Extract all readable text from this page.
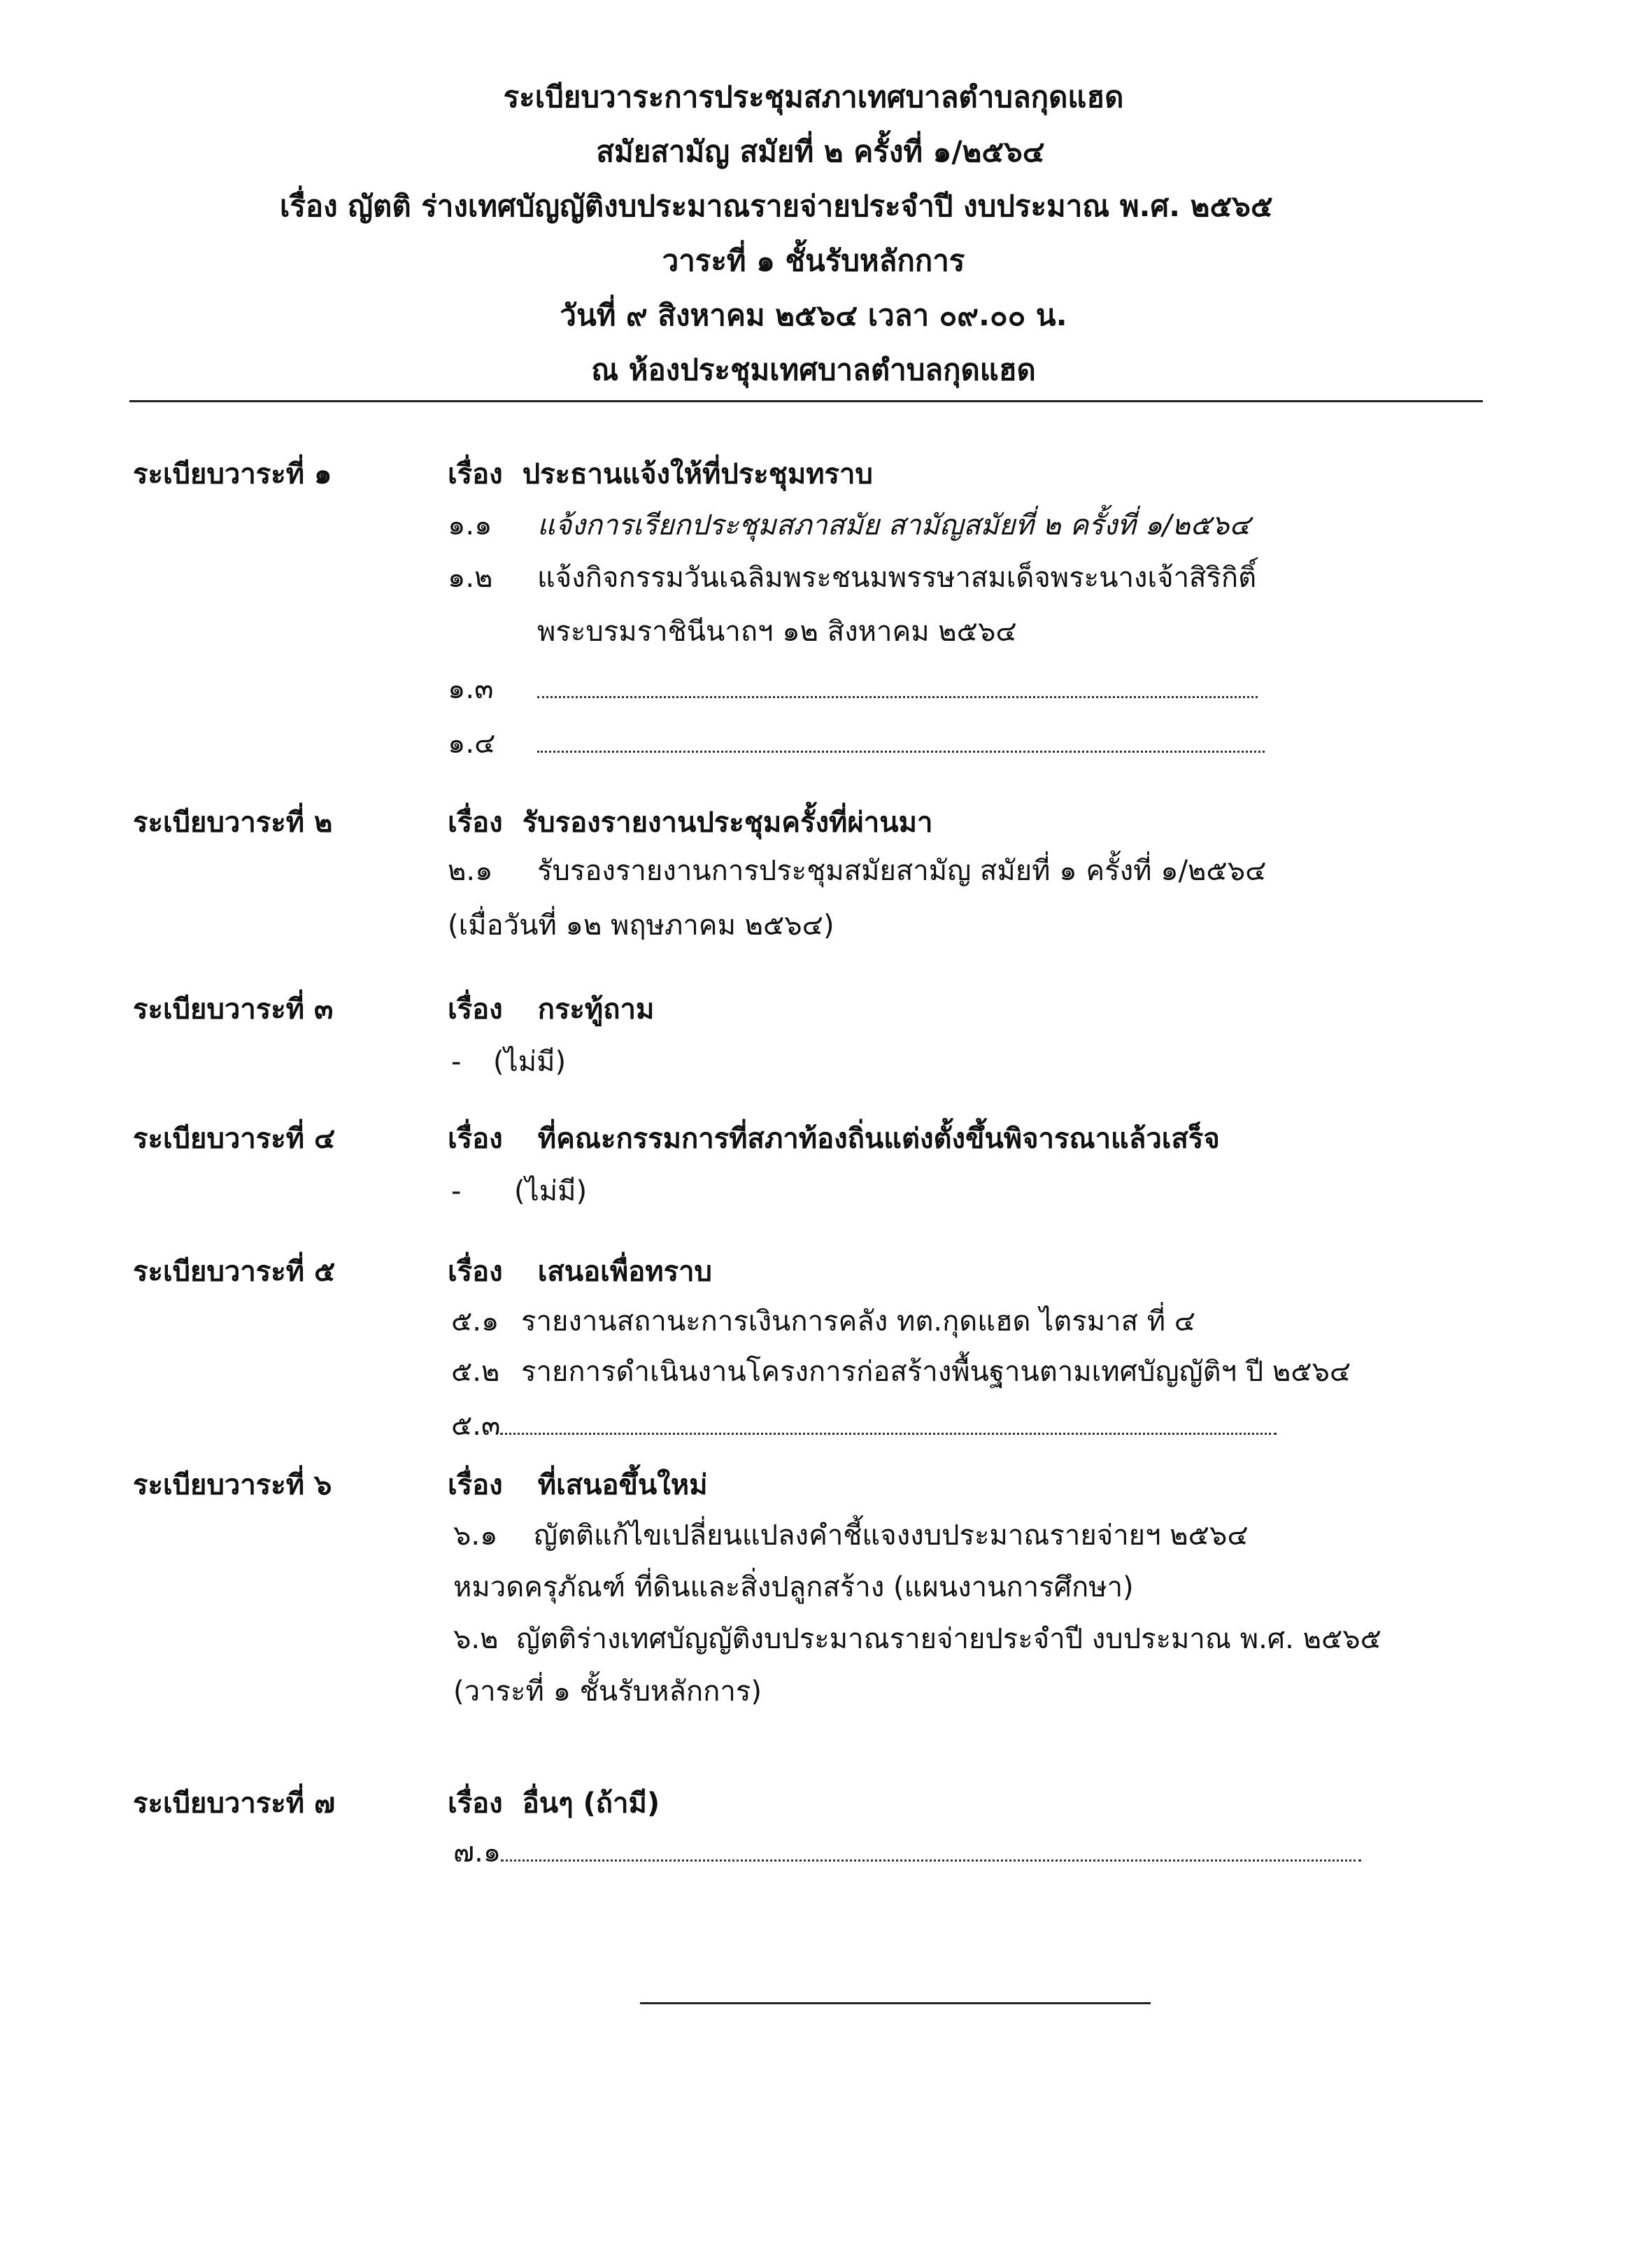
ระเบียบวาระการประชุมสภาเทศบาลตำบลกุดแฮด
สมัยสามัญ สมัยที่ ๒ ครั้งที่ ๑/๒๕๖๔
เรื่อง ญัตติ ร่างเทศบัญญัติงบประมาณรายจ่ายประจำปี งบประมาณ พ.ศ. ๒๕๖๕
วาระที่ ๑ ชั้นรับหลักการ
วันที่ ๙ สิงหาคม ๒๕๖๔ เวลา ๐๙.๐๐ น.
ณ ห้องประชุมเทศบาลตำบลกุดแฮด
ระเบียบวาระที่ ๑	เรื่อง ประธานแจ้งให้ที่ประชุมทราบ
๑.๑ แจ้งการเรียกประชุมสภาสมัย สามัญสมัยที่ ๒ ครั้งที่ ๑/๒๕๖๔
๑.๒ แจ้งกิจกรรมวันเฉลิมพระชนมพรรษาสมเด็จพระนางเจ้าสิริกิติ์
พระบรมราชินีนาถฯ ๑๒ สิงหาคม ๒๕๖๔
๑.๓
๑.๔
ระเบียบวาระที่ ๒	เรื่อง รับรองรายงานประชุมครั้งที่ผ่านมา
๒.๑ รับรองรายงานการประชุมสมัยสามัญ สมัยที่ ๑ ครั้งที่ ๑/๒๕๖๔
(เมื่อวันที่ ๑๒ พฤษภาคม ๒๕๖๔)
ระเบียบวาระที่ ๓	เรื่อง กระทู้ถาม
- (ไม่มี)
ระเบียบวาระที่ ๔	เรื่อง ที่คณะกรรมการที่สภาท้องถิ่นแต่งตั้งขึ้นพิจารณาแล้วเสร็จ
- (ไม่มี)
ระเบียบวาระที่ ๕	เรื่อง เสนอเพื่อทราบ
๕.๑ รายงานสถานะการเงินการคลัง ทต.กุดแฮด ไตรมาส ที่ ๔
๕.๒ รายการดำเนินงานโครงการก่อสร้างพื้นฐานตามเทศบัญญัติฯ ปี ๒๕๖๔
๕.๓
ระเบียบวาระที่ ๖	เรื่อง ที่เสนอขึ้นใหม่
๖.๑ ญัตติแก้ไขเปลี่ยนแปลงคำชี้แจงงบประมาณรายจ่ายฯ ๒๕๖๔
หมวดครุภัณฑ์ ที่ดินและสิ่งปลูกสร้าง (แผนงานการศึกษา)
๖.๒ ญัตติร่างเทศบัญญัติงบประมาณรายจ่ายประจำปี งบประมาณ พ.ศ. ๒๕๖๕
(วาระที่ ๑ ชั้นรับหลักการ)
ระเบียบวาระที่ ๗	เรื่อง อื่นๆ (ถ้ามี)
๗.๑
